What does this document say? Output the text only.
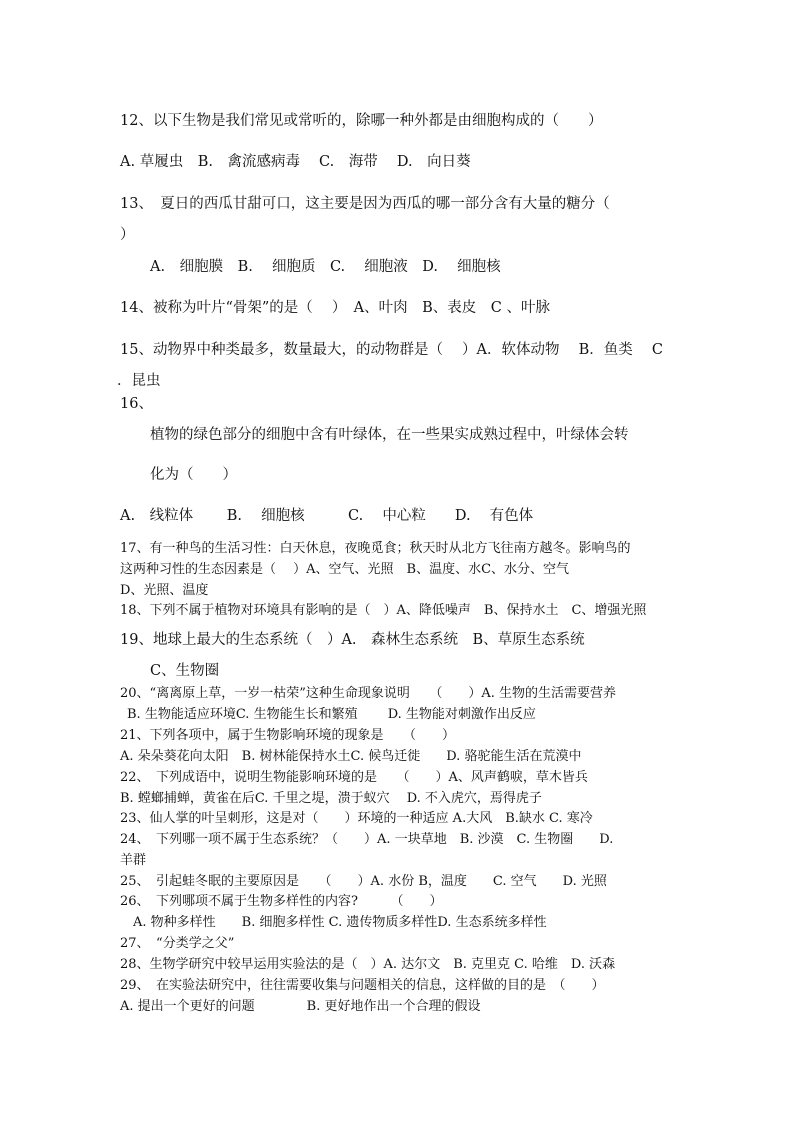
12、以下生物是我们常见或常听的，除哪一种外都是由细胞构成的（　　）
A. 草履虫　B.　禽流感病毒　 C.　海带　 D.　向日葵
13、　夏日的西瓜甘甜可口，这主要是因为西瓜的哪一部分含有大量的糖分（
）
A.　细胞膜　B.　 细胞质　C.　 细胞液　D.　 细胞核
14、被称为叶片“骨架”的是（　 ）　A、叶肉　B、表皮　C 、叶脉
15、动物界中种类最多，数量最大，的动物群是（　 ）A．软体动物　 B．鱼类　 C
．昆虫
16、
植物的绿色部分的细胞中含有叶绿体，在一些果实成熟过程中，叶绿体会转
化为（　　）
A.　线粒体　　 B.　 细胞核　　　C.　 中心粒　　D.　 有色体
17、有一种鸟的生活习性：白天休息，夜晚觅食；秋天时从北方飞往南方越冬。影响鸟的
这两种习性的生态因素是（　 ）A、空气、光照　B、温度、水C、水分、空气
D、光照、温度
18、下列不属于植物对环境具有影响的是（　）A、降低噪声　B、保持水土　C、增强光照
19、地球上最大的生态系统（　）A.　森林生态系统　B、草原生态系统
C、生物圈
20、“离离原上草，一岁一枯荣”这种生命现象说明　　（　　）A. 生物的生活需要营养
B. 生物能适应环境C. 生物能生长和繁殖　　 D. 生物能对刺激作出反应
21、下列各项中，属于生物影响环境的现象是　　（　　）
A. 朵朵葵花向太阳　B. 树林能保持水土C. 候鸟迁徙　　D. 骆驼能生活在荒漠中
22、　下列成语中，说明生物能影响环境的是　　（　　）A、风声鹤唳，草木皆兵
B. 螳螂捕蝉，黄雀在后C. 千里之堤，溃于蚁穴　 D. 不入虎穴，焉得虎子
23、仙人掌的叶呈刺形，这是对（　　）环境的一种适应 A.大风　B.缺水 C. 寒冷
24、　下列哪一项不属于生态系统？（　　）A. 一块草地　B. 沙漠　C. 生物圈　　D.
羊群
25、　引起蛙冬眠的主要原因是　　（　　）A. 水份 B，温度　　C. 空气　　D. 光照
26、　下列哪项不属于生物多样性的内容?　　　（　　）
A. 物种多样性　　B. 细胞多样性 C. 遗传物质多样性D. 生态系统多样性
27、　“分类学之父”
28、生物学研究中较早运用实验法的是（　）A. 达尔文　B. 克里克 C. 哈维　D. 沃森
29、　在实验法研究中，往往需要收集与问题相关的信息，这样做的目的是　（　　）
A. 提出一个更好的问题　　　　B. 更好地作出一个合理的假设
